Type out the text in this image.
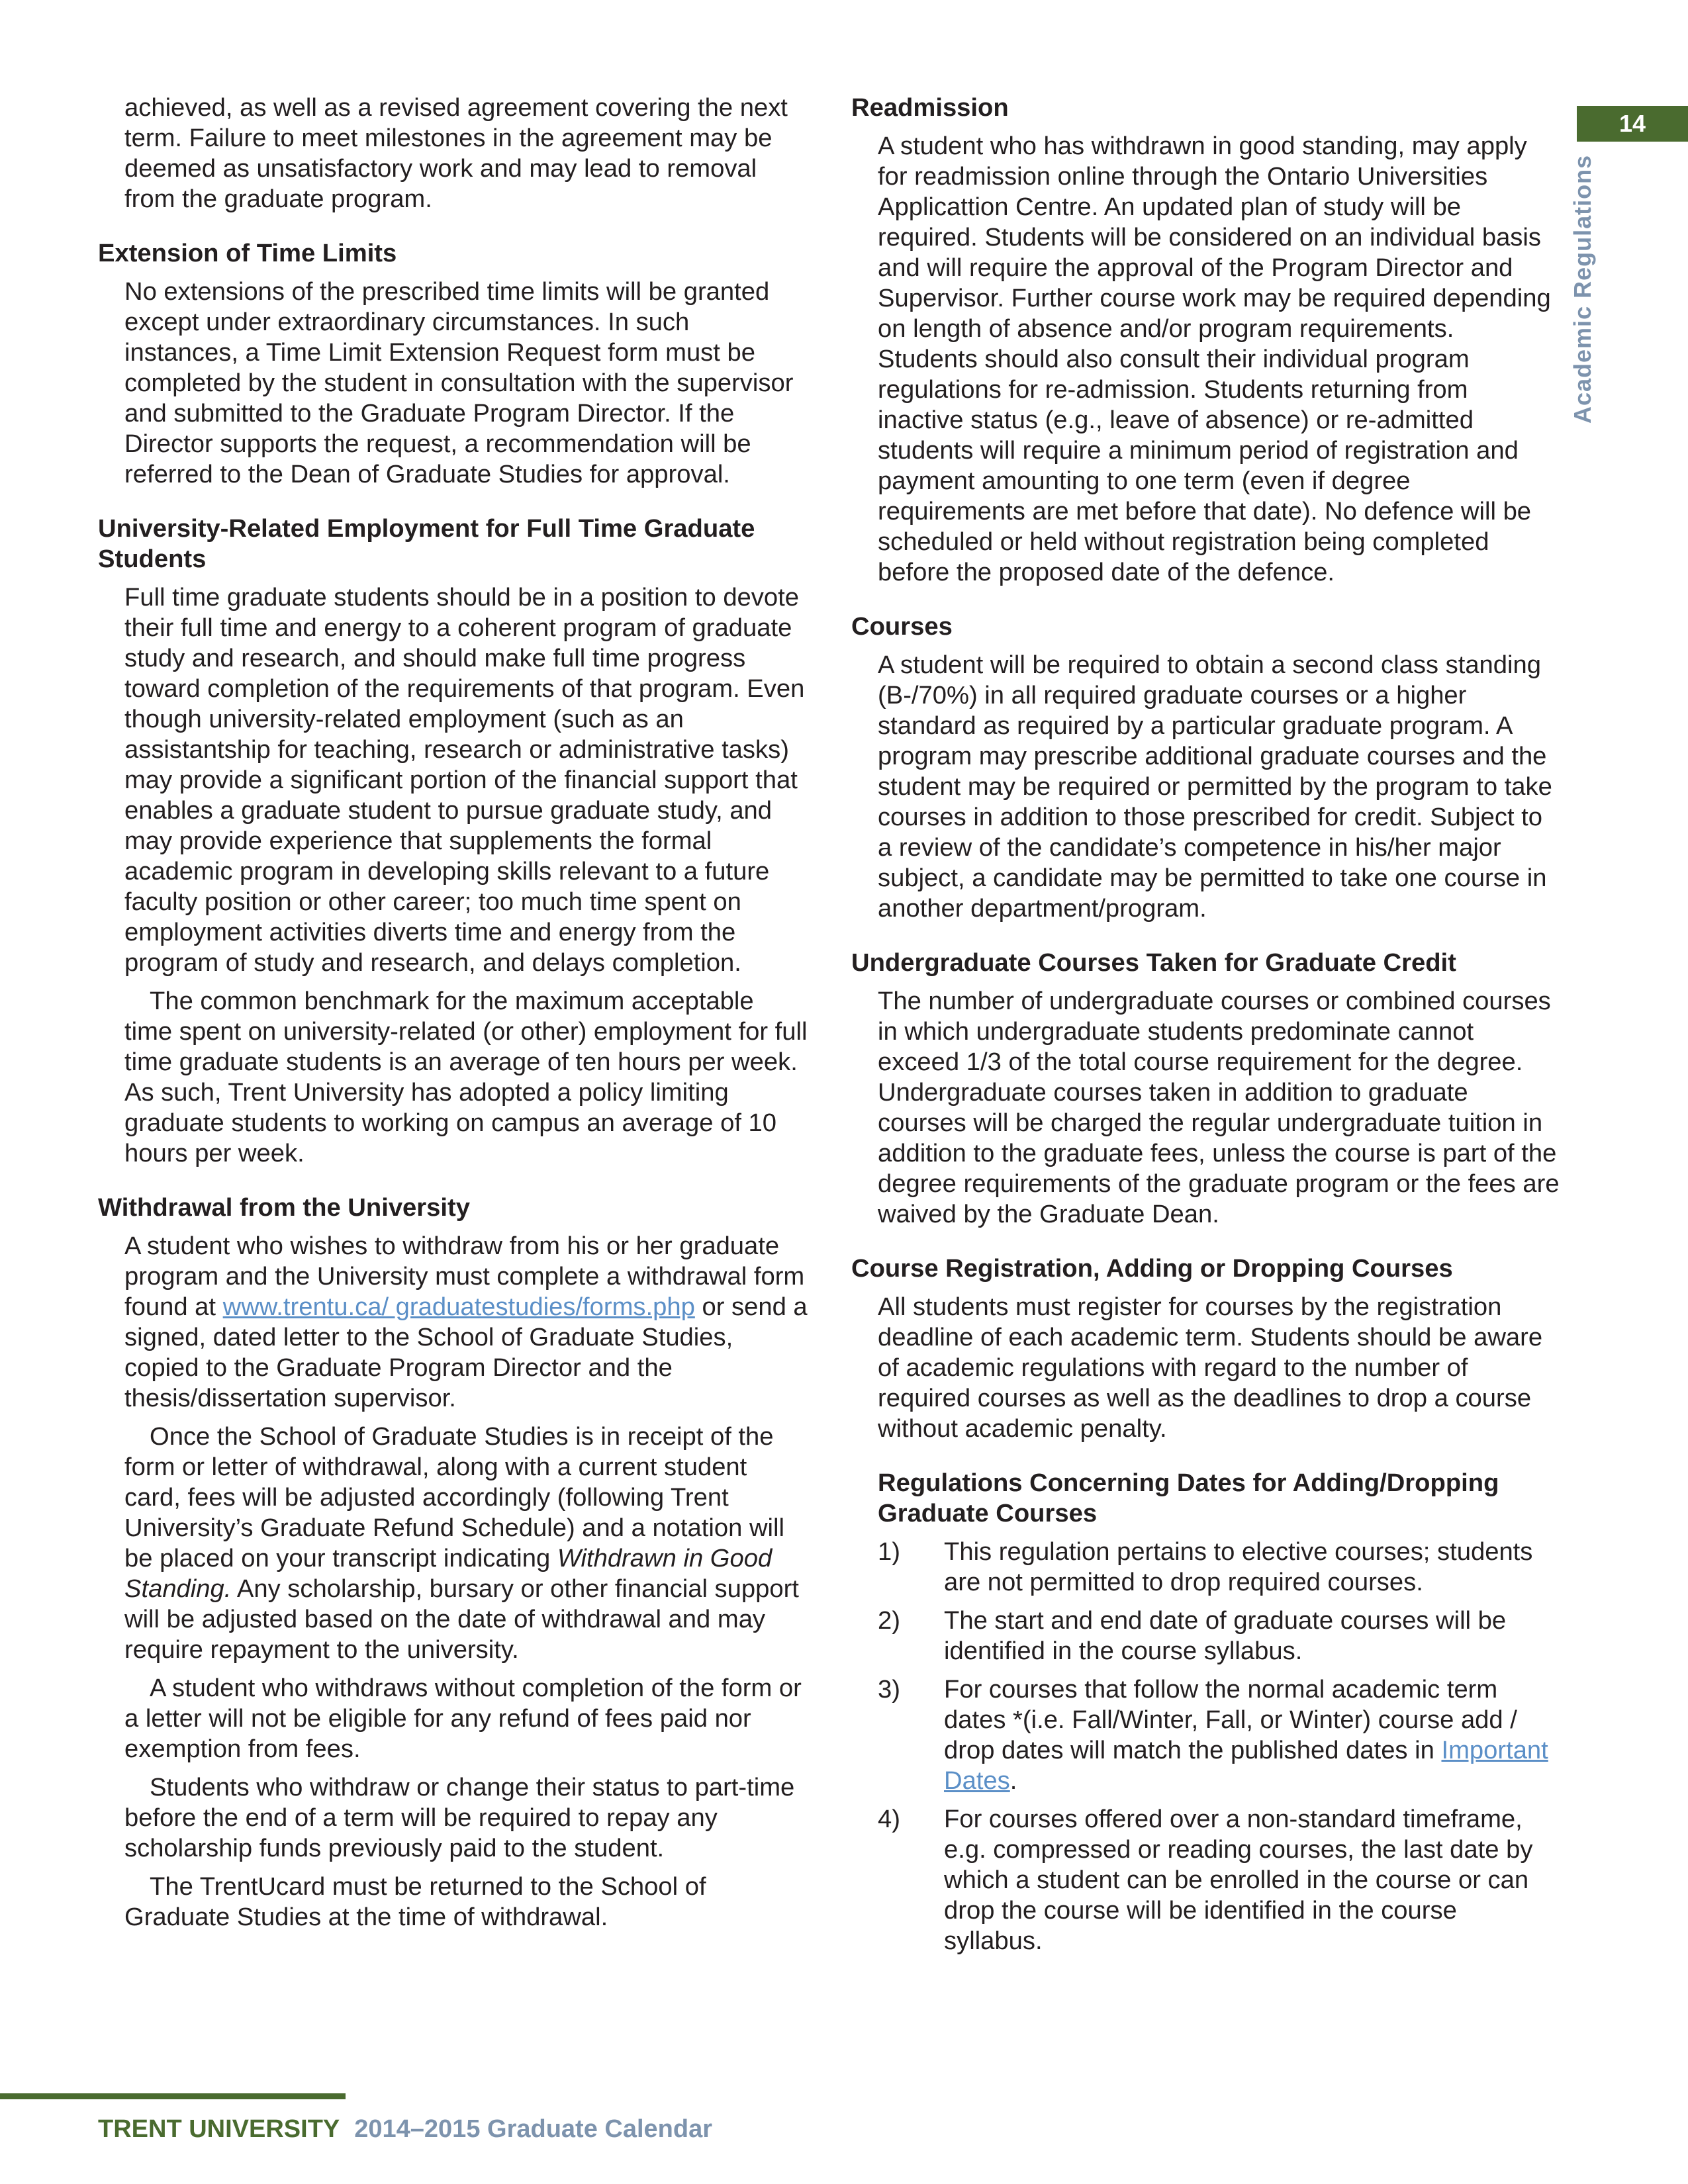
14
Academic Regulations

achieved, as well as a revised agreement covering the next term. Failure to meet milestones in the agreement may be deemed as unsatisfactory work and may lead to removal from the graduate program.

Extension of Time Limits

No extensions of the prescribed time limits will be granted except under extraordinary circumstances. In such instances, a Time Limit Extension Request form must be completed by the student in consultation with the supervisor and submitted to the Graduate Program Director. If the Director supports the request, a recommendation will be referred to the Dean of Graduate Studies for approval.

University-Related Employment for Full Time Graduate Students

Full time graduate students should be in a position to devote their full time and energy to a coherent program of graduate study and research, and should make full time progress toward completion of the requirements of that program. Even though university-related employment (such as an assistantship for teaching, research or administrative tasks) may provide a significant portion of the financial support that enables a graduate student to pursue graduate study, and may provide experience that supplements the formal academic program in developing skills relevant to a future faculty position or other career; too much time spent on employment activities diverts time and energy from the program of study and research, and delays completion.

The common benchmark for the maximum acceptable time spent on university-related (or other) employment for full time graduate students is an average of ten hours per week. As such, Trent University has adopted a policy limiting graduate students to working on campus an average of 10 hours per week.

Withdrawal from the University

A student who wishes to withdraw from his or her graduate program and the University must complete a withdrawal form found at www.trentu.ca/ graduatestudies/forms.php or send a signed, dated letter to the School of Graduate Studies, copied to the Graduate Program Director and the thesis/dissertation supervisor.

Once the School of Graduate Studies is in receipt of the form or letter of withdrawal, along with a current student card, fees will be adjusted accordingly (following Trent University’s Graduate Refund Schedule) and a notation will be placed on your transcript indicating Withdrawn in Good Standing. Any scholarship, bursary or other financial support will be adjusted based on the date of withdrawal and may require repayment to the university.

A student who withdraws without completion of the form or a letter will not be eligible for any refund of fees paid nor exemption from fees.

Students who withdraw or change their status to part-time before the end of a term will be required to repay any scholarship funds previously paid to the student.

The TrentUcard must be returned to the School of Graduate Studies at the time of withdrawal.

Readmission

A student who has withdrawn in good standing, may apply for readmission online through the Ontario Universities Applicattion Centre. An updated plan of study will be required. Students will be considered on an individual basis and will require the approval of the Program Director and Supervisor. Further course work may be required depending on length of absence and/or program requirements. Students should also consult their individual program regulations for re-admission. Students returning from inactive status (e.g., leave of absence) or re-admitted students will require a minimum period of registration and payment amounting to one term (even if degree requirements are met before that date). No defence will be scheduled or held without registration being completed before the proposed date of the defence.

Courses

A student will be required to obtain a second class standing (B-/70%) in all required graduate courses or a higher standard as required by a particular graduate program. A program may prescribe additional graduate courses and the student may be required or permitted by the program to take courses in addition to those prescribed for credit. Subject to a review of the candidate’s competence in his/her major subject, a candidate may be permitted to take one course in another department/program.

Undergraduate Courses Taken for Graduate Credit

The number of undergraduate courses or combined courses in which undergraduate students predominate cannot exceed 1/3 of the total course requirement for the degree. Undergraduate courses taken in addition to graduate courses will be charged the regular undergraduate tuition in addition to the graduate fees, unless the course is part of the degree requirements of the graduate program or the fees are waived by the Graduate Dean.

Course Registration, Adding or Dropping Courses

All students must register for courses by the registration deadline of each academic term. Students should be aware of academic regulations with regard to the number of required courses as well as the deadlines to drop a course without academic penalty.

Regulations Concerning Dates for Adding/Dropping Graduate Courses
1) This regulation pertains to elective courses; students are not permitted to drop required courses.
2) The start and end date of graduate courses will be identified in the course syllabus.
3) For courses that follow the normal academic term dates *(i.e. Fall/Winter, Fall, or Winter) course add / drop dates will match the published dates in Important Dates.
4) For courses offered over a non-standard timeframe, e.g. compressed or reading courses, the last date by which a student can be enrolled in the course or can drop the course will be identified in the course syllabus.
TRENT UNIVERSITY 2014–2015 Graduate Calendar
